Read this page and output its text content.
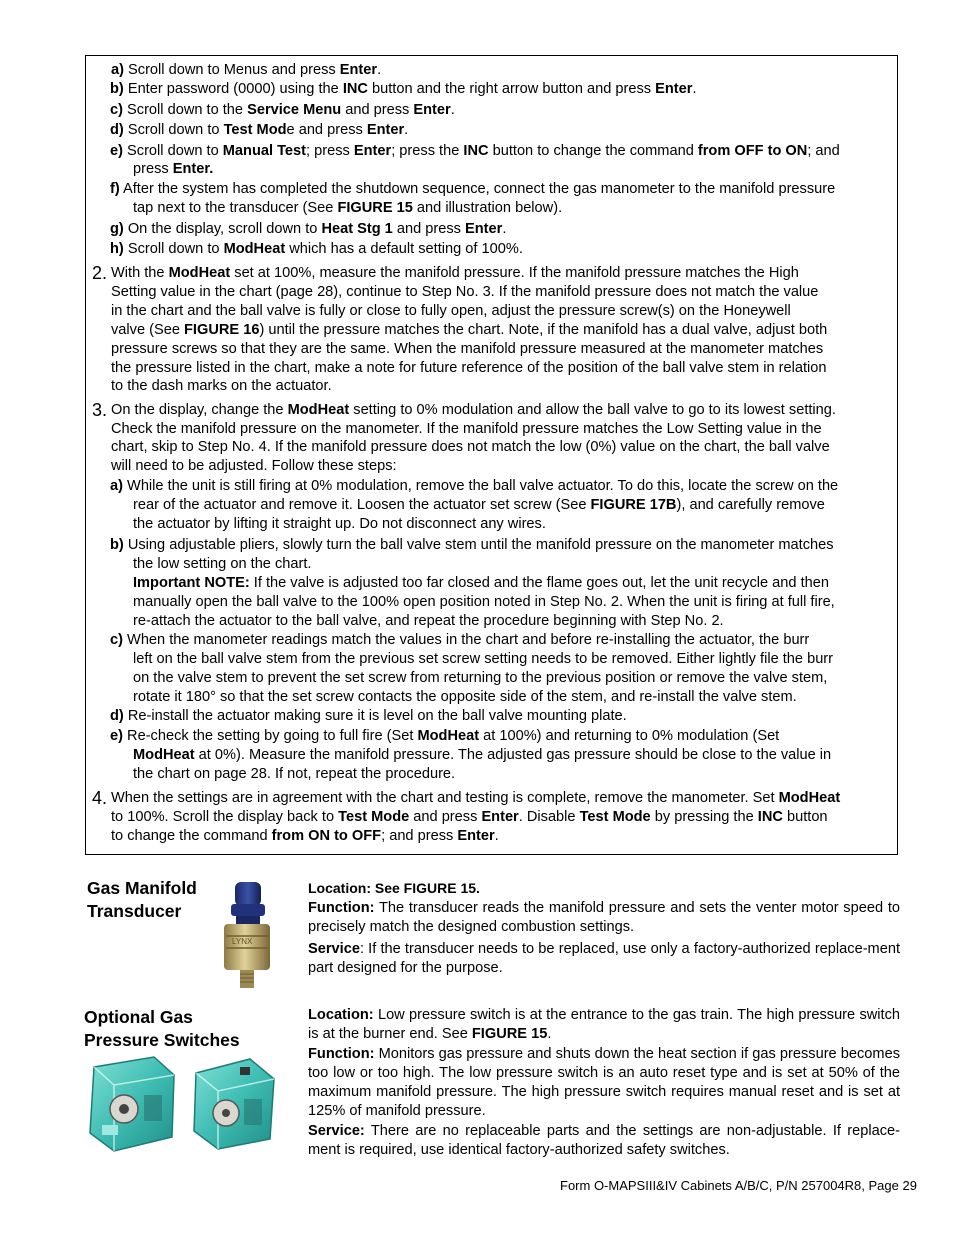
a) Scroll down to Menus and press Enter.
b) Enter password (0000) using the INC button and the right arrow button and press Enter.
c) Scroll down to the Service Menu and press Enter.
d) Scroll down to Test Mode and press Enter.
e) Scroll down to Manual Test; press Enter; press the INC button to change the command from OFF to ON; and
press Enter.
f) After the system has completed the shutdown sequence, connect the gas manometer to the manifold pressure
tap next to the transducer (See FIGURE 15 and illustration below).
g) On the display, scroll down to Heat Stg 1 and press Enter.
h) Scroll down to ModHeat which has a default setting of 100%.
2. With the ModHeat set at 100%, measure the manifold pressure. If the manifold pressure matches the High
Setting value in the chart (page 28), continue to Step No. 3. If the manifold pressure does not match the value
in the chart and the ball valve is fully or close to fully open, adjust the pressure screw(s) on the Honeywell
valve (See FIGURE 16) until the pressure matches the chart. Note, if the manifold has a dual valve, adjust both
pressure screws so that they are the same. When the manifold pressure measured at the manometer matches
the pressure listed in the chart, make a note for future reference of the position of the ball valve stem in relation
to the dash marks on the actuator.
3. On the display, change the ModHeat setting to 0% modulation and allow the ball valve to go to its lowest setting.
Check the manifold pressure on the manometer. If the manifold pressure matches the Low Setting value in the
chart, skip to Step No. 4. If the manifold pressure does not match the low (0%) value on the chart, the ball valve
will need to be adjusted. Follow these steps:
a) While the unit is still firing at 0% modulation, remove the ball valve actuator. To do this, locate the screw on the
rear of the actuator and remove it. Loosen the actuator set screw (See FIGURE 17B), and carefully remove
the actuator by lifting it straight up. Do not disconnect any wires.
b) Using adjustable pliers, slowly turn the ball valve stem until the manifold pressure on the manometer matches
the low setting on the chart.
Important NOTE: If the valve is adjusted too far closed and the flame goes out, let the unit recycle and then
manually open the ball valve to the 100% open position noted in Step No. 2. When the unit is firing at full fire,
re-attach the actuator to the ball valve, and repeat the procedure beginning with Step No. 2.
c) When the manometer readings match the values in the chart and before re-installing the actuator, the burr
left on the ball valve stem from the previous set screw setting needs to be removed. Either lightly file the burr
on the valve stem to prevent the set screw from returning to the previous position or remove the valve stem,
rotate it 180° so that the set screw contacts the opposite side of the stem, and re-install the valve stem.
d) Re-install the actuator making sure it is level on the ball valve mounting plate.
e) Re-check the setting by going to full fire (Set ModHeat at 100%) and returning to 0% modulation (Set
ModHeat at 0%). Measure the manifold pressure. The adjusted gas pressure should be close to the value in
the chart on page 28. If not, repeat the procedure.
4. When the settings are in agreement with the chart and testing is complete, remove the manometer. Set ModHeat
to 100%. Scroll the display back to Test Mode and press Enter. Disable Test Mode by pressing the INC button
to change the command from ON to OFF; and press Enter.
Gas Manifold
Transducer
LYNX
Location: See FIGURE 15.
Function: The transducer reads the manifold pressure and sets the venter motor speed to precisely match the designed combustion settings.
Service: If the transducer needs to be replaced, use only a factory-authorized replace-ment part designed for the purpose.
Optional Gas
Pressure Switches
Location: Low pressure switch is at the entrance to the gas train. The high pressure switch is at the burner end. See FIGURE 15.
Function: Monitors gas pressure and shuts down the heat section if gas pressure becomes too low or too high. The low pressure switch is an auto reset type and is set at 50% of the maximum manifold pressure. The high pressure switch requires manual reset and is set at 125% of manifold pressure.
Service: There are no replaceable parts and the settings are non-adjustable. If replace-ment is required, use identical factory-authorized safety switches.
Form O-MAPSIII&IV Cabinets A/B/C, P/N 257004R8, Page 29
